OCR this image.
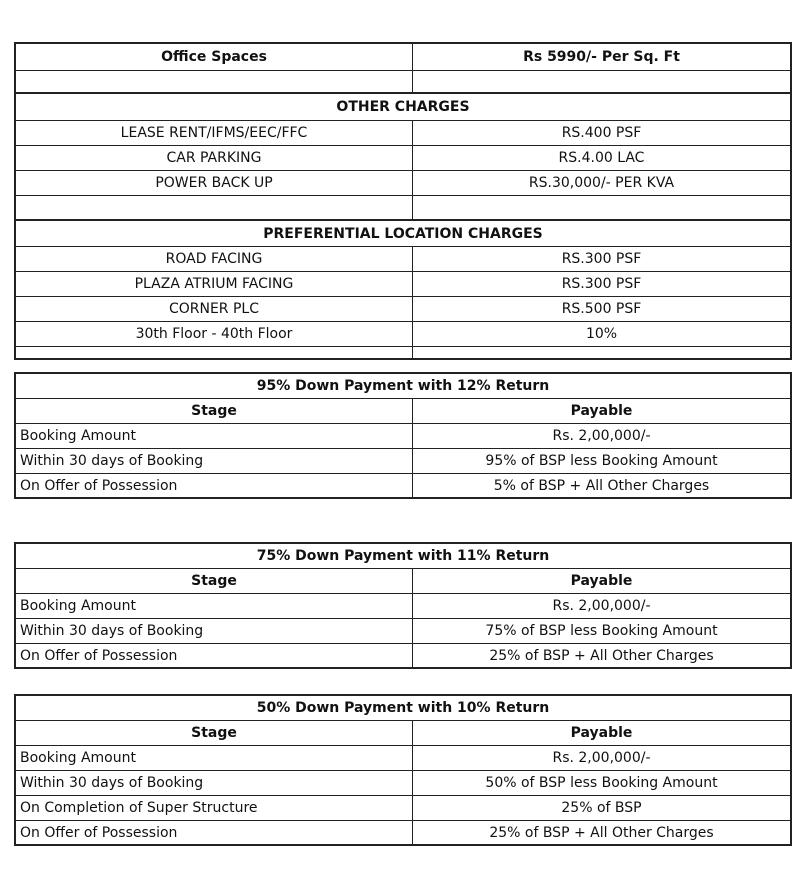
Office Spaces	Rs 5990/- Per Sq. Ft
OTHER CHARGES
LEASE RENT/IFMS/EEC/FFC	RS.400 PSF
CAR PARKING	RS.4.00 LAC
POWER BACK UP	RS.30,000/- PER KVA
PREFERENTIAL LOCATION CHARGES
ROAD FACING	RS.300 PSF
PLAZA ATRIUM FACING	RS.300 PSF
CORNER PLC	RS.500 PSF
30th Floor - 40th Floor	10%
95% Down Payment with 12% Return
Stage	Payable
Booking Amount	Rs. 2,00,000/-
Within 30 days of Booking	95% of BSP less Booking Amount
On Offer of Possession	5% of BSP + All Other Charges
75% Down Payment with 11% Return
Stage	Payable
Booking Amount	Rs. 2,00,000/-
Within 30 days of Booking	75% of BSP less Booking Amount
On Offer of Possession	25% of BSP + All Other Charges
50% Down Payment with 10% Return
Stage	Payable
Booking Amount	Rs. 2,00,000/-
Within 30 days of Booking	50% of BSP less Booking Amount
On Completion of Super Structure	25% of BSP
On Offer of Possession	25% of BSP + All Other Charges
